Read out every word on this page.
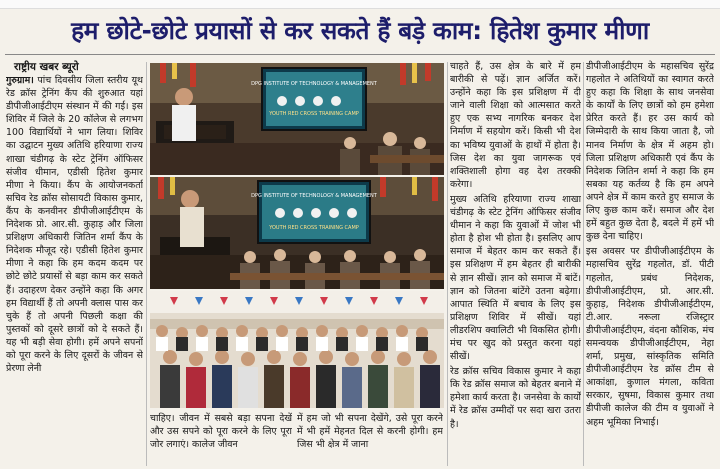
हम छोटे-छोटे प्रयासों से कर सकते हैं बड़े काम: हितेश कुमार मीणा
राष्ट्रीय खबर ब्यूरो

गुरुग्राम। पांच दिवसीय जिला स्तरीय यूथ रेड क्रॉस ट्रेनिंग कैंप की शुरुआत यहां डीपीजीआईटीएम संस्थान में की गई। इस शिविर में जिले के 20 कॉलेज से लगभग 100 विद्यार्थियों ने भाग लिया। शिविर का उद्घाटन मुख्य अतिथि हरियाणा राज्य शाखा चंडीगढ़ के स्टेट ट्रेनिंग ऑफिसर संजीव धीमान, एडीसी हितेश कुमार मीणा ने किया। कैंप के आयोजनकर्ता सचिव रेड क्रॉस सोसायटी विकास कुमार, कैंप के कनवीनर डीपीजीआईटीएम के निदेशक प्रो. आर.सी. कुहाड़ और जिला प्रशिक्षण अधिकारी जितिन शर्मा कैंप के निदेशक मौजूद रहे। एडीसी हितेश कुमार मीणा ने कहा कि हम कदम कदम पर छोटे छोटे प्रयासों से बड़ा काम कर सकते हैं। उदाहरण देकर उन्होंने कहा कि अगर हम विद्यार्थी हैं तो अपनी क्लास पास कर चुके हैं तो अपनी पिछली कक्षा की पुस्तकों को दूसरे छात्रों को दे सकते हैं। यह भी बड़ी सेवा होगी। हमें अपने सपनों को पूरा करने के लिए दूसरों के जीवन से प्रेरणा लेनी

DPG INSTITUTE OF TECHNOLOGY & MANAGEMENT
YOUTH RED CROSS TRAINING CAMP
DPG INSTITUTE OF TECHNOLOGY & MANAGEMENT
YOUTH RED CROSS TRAINING CAMP
चाहिए। जीवन में सबसे बड़ा सपना देखें और उस सपने को पूरा करने के लिए पूरा जोर लगाएं। कालेज जीवन
में हम जो भी सपना देखेंगे, उसे पूरा करने में भी हमें मेहनत दिल से करनी होगी। हम जिस भी क्षेत्र में जाना

चाहते हैं, उस क्षेत्र के बारे में हम बारीकी से पढ़ें। ज्ञान अर्जित करें। उन्होंने कहा कि इस प्रशिक्षण में दी जाने वाली शिक्षा को आत्मसात करते हुए एक सभ्य नागरिक बनकर देश निर्माण में सहयोग करें। किसी भी देश का भविष्य युवाओं के हाथों में होता है। जिस देश का युवा जागरूक एवं शक्तिशाली होगा वह देश तरक्की करेगा।

मुख्य अतिथि हरियाणा राज्य शाखा चंडीगढ़ के स्टेट ट्रेनिंग ऑफिसर संजीव धीमान ने कहा कि युवाओं में जोश भी होता है होश भी होता है। इसलिए आप समाज में बेहतर काम कर सकते हैं। इस प्रशिक्षण में हम बेहतर ही बारीकी से ज्ञान सीखें। ज्ञान को समाज में बांटें। ज्ञान को जितना बांटेंगे उतना बढ़ेगा। आपात स्थिति में बचाव के लिए इस प्रशिक्षण शिविर में सीखें। यहां लीडरशिप क्वालिटी भी विकसित होगी। मंच पर खुद को प्रस्तुत करना यहां सीखें।

रेड क्रॉस सचिव विकास कुमार ने कहा कि रेड क्रॉस समाज को बेहतर बनाने में हमेशा कार्य करता है। जनसेवा के कार्यों में रेड क्रॉस उम्मीदों पर सदा खरा उतरा है।

डीपीजीआईटीएम के महासचिव सुरेंद्र गहलोत ने अतिथियों का स्वागत करते हुए कहा कि शिक्षा के साथ जनसेवा के कार्यों के लिए छात्रों को हम हमेशा प्रेरित करते हैं। हर उस कार्य को जिम्मेदारी के साथ किया जाता है, जो मानव निर्माण के क्षेत्र में अहम हो। जिला प्रशिक्षण अधिकारी एवं कैंप के निदेशक जितिन शर्मा ने कहा कि हम सबका यह कर्तव्य है कि हम अपने अपने क्षेत्र में काम करते हुए समाज के लिए कुछ काम करें। समाज और देश हमें बहुत कुछ देता है, बदले में हमें भी कुछ देना चाहिए।

इस अवसर पर डीपीजीआईटीएम के महासचिव सुरेंद्र गहलोत, डॉ. पीटी गहलोत, प्रबंध निदेशक, डीपीजीआईटीएम, प्रो. आर.सी. कुहाड़, निदेशक डीपीजीआईटीएम, टी.आर. नरूला रजिस्ट्रार डीपीजीआईटीएम, वंदना कौशिक, मंच समन्वयक डीपीजीआईटीएम, नेहा शर्मा, प्रमुख, सांस्कृतिक समिति डीपीजीआईटीएम रेड क्रॉस टीम से आकांक्षा, कुणाल मंगला, कविता सरकार, सुषमा, विकास कुमार तथा डीपीजी कालेज की टीम व युवाओं ने अहम भूमिका निभाई।
